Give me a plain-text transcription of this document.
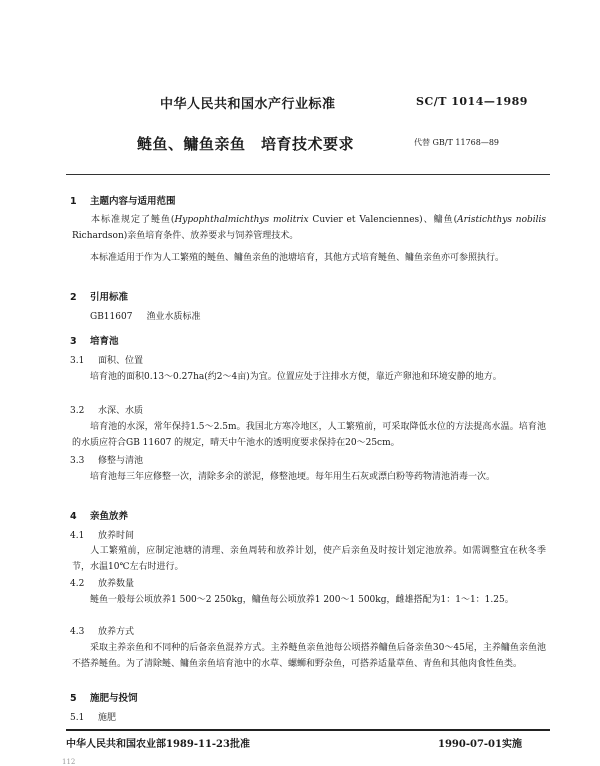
中华人民共和国水产行业标准	SC/T 1014—1989
鲢鱼、鳙鱼亲鱼　培育技术要求	代替 GB/T 11768—89
1 主题内容与适用范围
本标准规定了鲢鱼(Hypophthalmichthys molitrix Cuvier et Valenciennes)、鳙鱼(Aristichthys nobilis Richardson)亲鱼培育条件、放养要求与饲养管理技术。
本标准适用于作为人工繁殖的鲢鱼、鳙鱼亲鱼的池塘培育，其他方式培育鲢鱼、鳙鱼亲鱼亦可参照执行。
2 引用标准
GB11607 渔业水质标准
3 培育池
3.1 面积、位置
培育池的面积0.13～0.27ha(约2～4亩)为宜。位置应处于注排水方便，靠近产卵池和环境安静的地方。
3.2 水深、水质
培育池的水深，常年保持1.5～2.5m。我国北方寒冷地区，人工繁殖前，可采取降低水位的方法提高水温。培育池的水质应符合GB 11607 的规定，晴天中午池水的透明度要求保持在20～25cm。
3.3 修整与清池
培育池每三年应修整一次，清除多余的淤泥，修整池埂。每年用生石灰或漂白粉等药物清池消毒一次。
4 亲鱼放养
4.1 放养时间
人工繁殖前，应制定池塘的清理、亲鱼周转和放养计划，使产后亲鱼及时按计划定池放养。如需调整宜在秋冬季节，水温10℃左右时进行。
4.2 放养数量
鲢鱼一般每公顷放养1 500～2 250kg，鳙鱼每公顷放养1 200～1 500kg，雌雄搭配为1：1～1：1.25。
4.3 放养方式
采取主养亲鱼和不同种的后备亲鱼混养方式。主养鲢鱼亲鱼池每公顷搭养鳙鱼后备亲鱼30～45尾，主养鳙鱼亲鱼池不搭养鲢鱼。为了清除鲢、鳙鱼亲鱼培育池中的水草、螺蛳和野杂鱼，可搭养适量草鱼、青鱼和其他肉食性鱼类。
5 施肥与投饲
5.1 施肥
中华人民共和国农业部1989-11-23批准	1990-07-01实施
112
